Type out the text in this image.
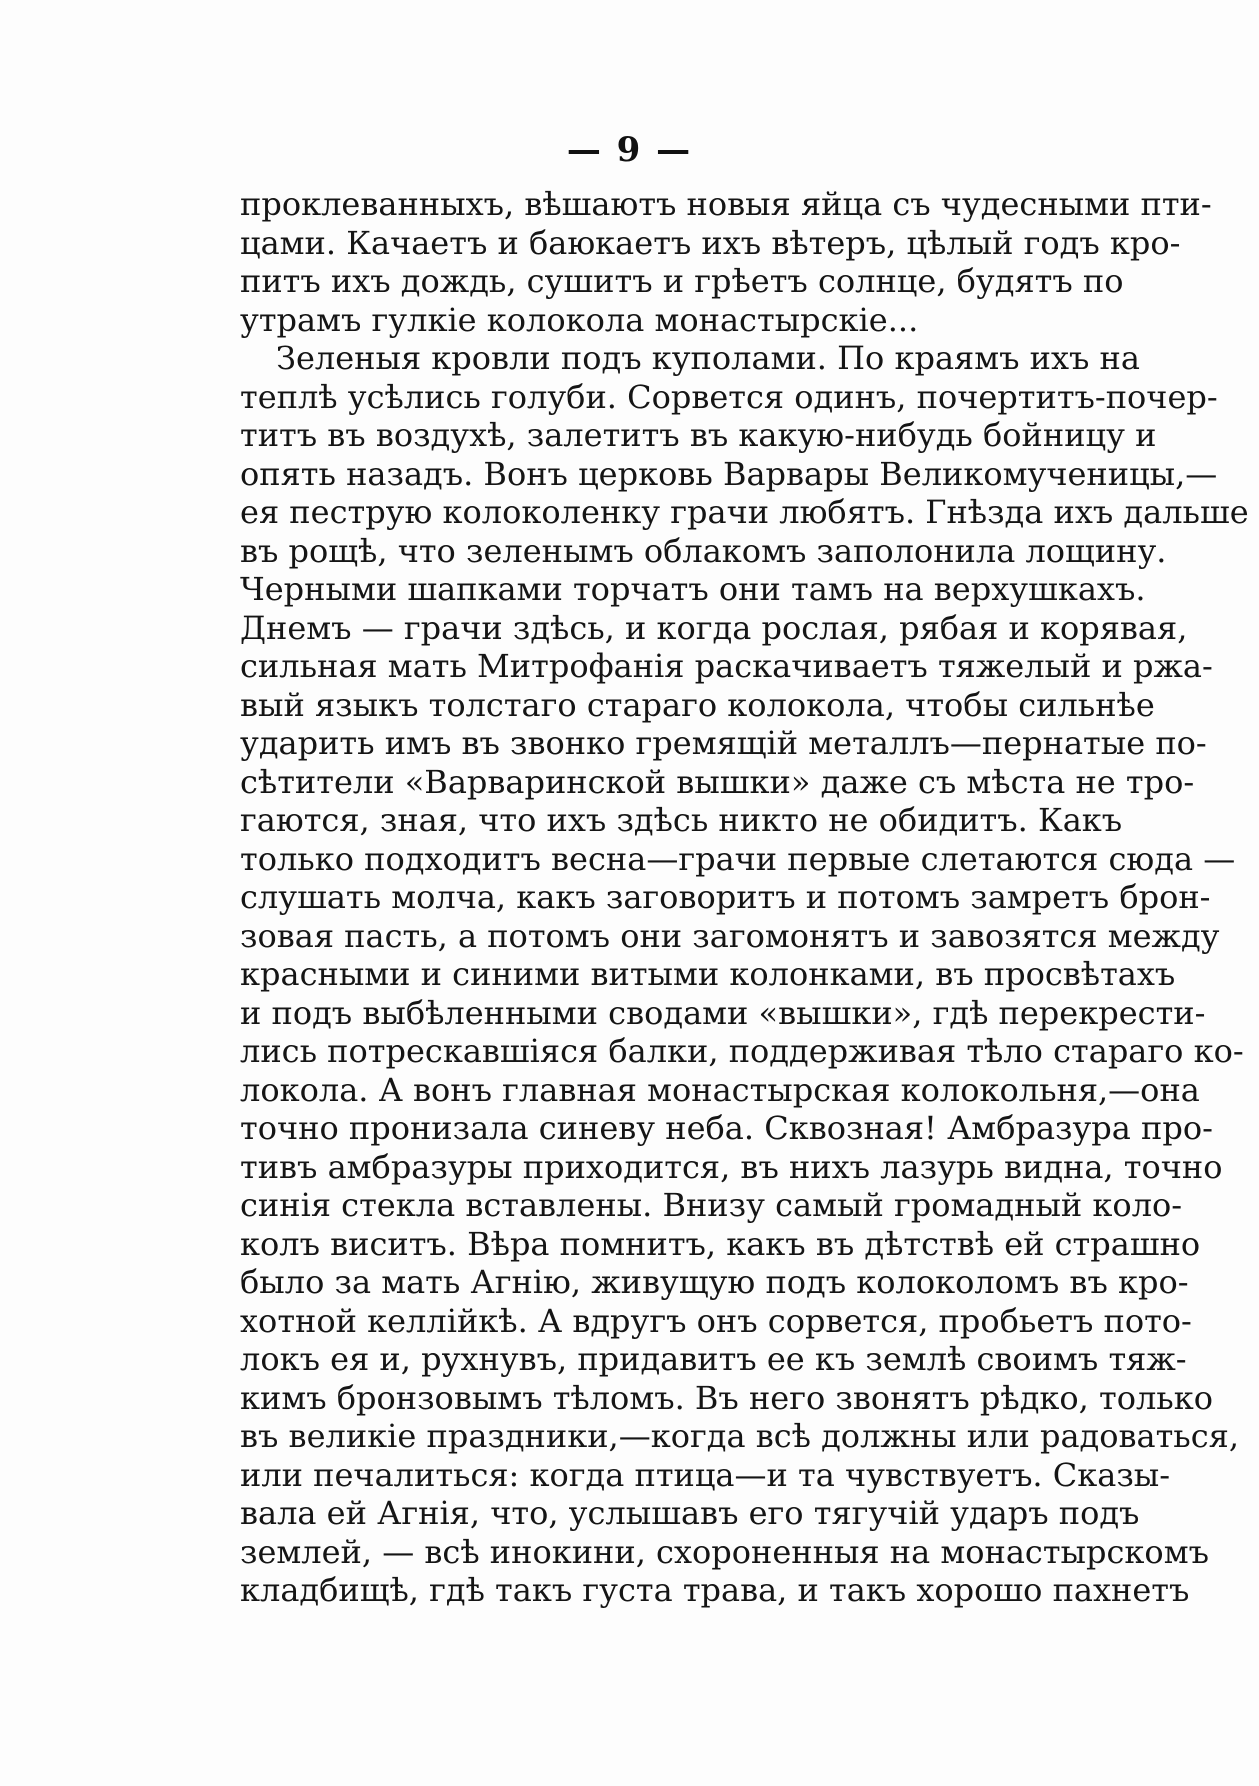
— 9 —
проклеванныхъ, вѣшаютъ новыя яйца съ чудесными пти-
цами. Качаетъ и баюкаетъ ихъ вѣтеръ, цѣлый годъ кро-
питъ ихъ дождь, сушитъ и грѣетъ солнце, будятъ по
утрамъ гулкіе колокола монастырскіе...
Зеленыя кровли подъ куполами. По краямъ ихъ на
теплѣ усѣлись голуби. Сорвется одинъ, почертитъ-почер-
титъ въ воздухѣ, залетитъ въ какую-нибудь бойницу и
опять назадъ. Вонъ церковь Варвары Великомученицы,—
ея пеструю колоколенку грачи любятъ. Гнѣзда ихъ дальше
въ рощѣ, что зеленымъ облакомъ заполонила лощину.
Черными шапками торчатъ они тамъ на верхушкахъ.
Днемъ — грачи здѣсь, и когда рослая, рябая и корявая,
сильная мать Митрофанія раскачиваетъ тяжелый и ржа-
вый языкъ толстаго стараго колокола, чтобы сильнѣе
ударить имъ въ звонко гремящій металлъ—пернатые по-
сѣтители «Варваринской вышки» даже съ мѣста не тро-
гаются, зная, что ихъ здѣсь никто не обидитъ. Какъ
только подходитъ весна—грачи первые слетаются сюда —
слушать молча, какъ заговоритъ и потомъ замретъ брон-
зовая пасть, а потомъ они загомонятъ и завозятся между
красными и синими витыми колонками, въ просвѣтахъ
и подъ выбѣленными сводами «вышки», гдѣ перекрести-
лись потрескавшіяся балки, поддерживая тѣло стараго ко-
локола. А вонъ главная монастырская колокольня,—она
точно пронизала синеву неба. Сквозная! Амбразура про-
тивъ амбразуры приходится, въ нихъ лазурь видна, точно
синія стекла вставлены. Внизу самый громадный коло-
колъ виситъ. Вѣра помнитъ, какъ въ дѣтствѣ ей страшно
было за мать Агнію, живущую подъ колоколомъ въ кро-
хотной келлійкѣ. А вдругъ онъ сорвется, пробьетъ пото-
локъ ея и, рухнувъ, придавитъ ее къ землѣ своимъ тяж-
кимъ бронзовымъ тѣломъ. Въ него звонятъ рѣдко, только
въ великіе праздники,—когда всѣ должны или радоваться,
или печалиться: когда птица—и та чувствуетъ. Сказы-
вала ей Агнія, что, услышавъ его тягучій ударъ подъ
землей, — всѣ инокини, схороненныя на монастырскомъ
кладбищѣ, гдѣ такъ густа трава, и такъ хорошо пахнетъ
